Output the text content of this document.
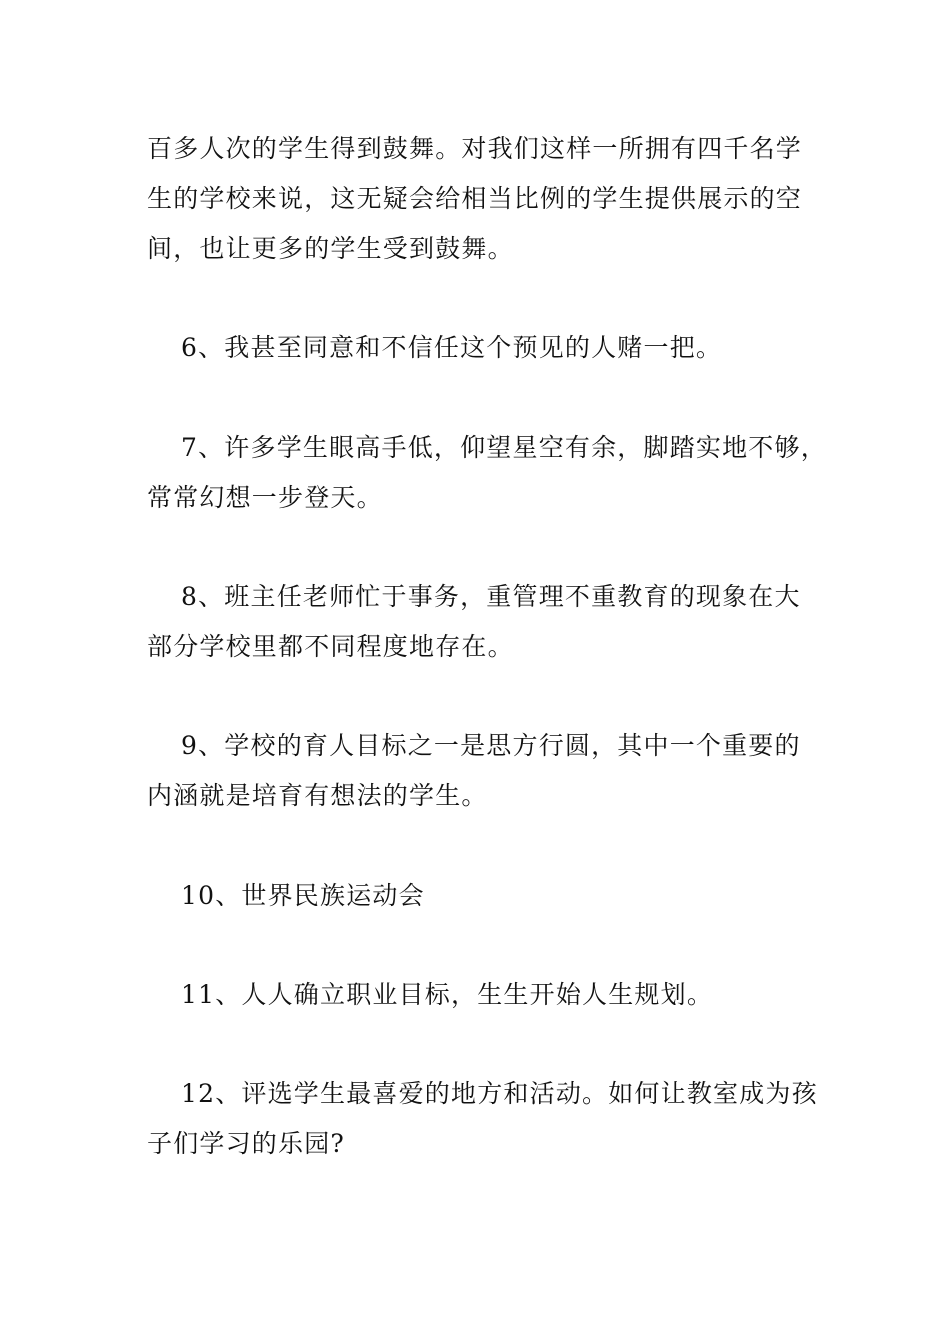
百多人次的学生得到鼓舞。对我们这样一所拥有四千名学
生的学校来说，这无疑会给相当比例的学生提供展示的空
间，也让更多的学生受到鼓舞。
6、我甚至同意和不信任这个预见的人赌一把。
7、许多学生眼高手低，仰望星空有余，脚踏实地不够，
常常幻想一步登天。
8、班主任老师忙于事务，重管理不重教育的现象在大
部分学校里都不同程度地存在。
9、学校的育人目标之一是思方行圆，其中一个重要的
内涵就是培育有想法的学生。
10、世界民族运动会
11、人人确立职业目标，生生开始人生规划。
12、评选学生最喜爱的地方和活动。如何让教室成为孩
子们学习的乐园?
